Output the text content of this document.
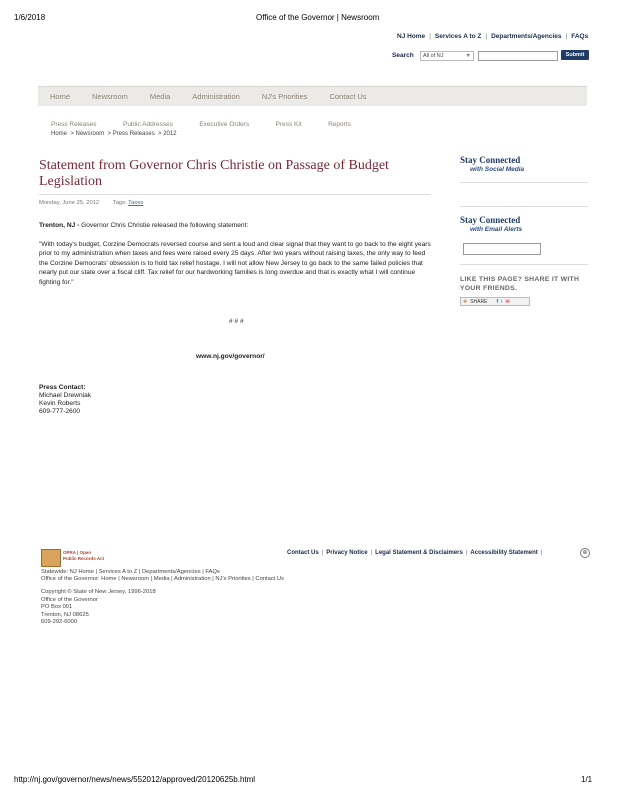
1/6/2018	Office of the Governor | Newsroom
NJ Home | Services A to Z | Departments/Agencies | FAQs
Search	All of NJ	▼	Submit
Home	Newsroom	Media	Administration	NJ's Priorities	Contact Us
Press Releases	Public Addresses	Executive Orders	Press Kit	Reports
Home  > Newsroom  > Press Releases  > 2012
Statement from Governor Chris Christie on Passage of Budget Legislation
Monday, June 25, 2012 Tags: Taxes
Trenton, NJ - Governor Chris Christie released the following statement:
"With today's budget, Corzine Democrats reversed course and sent a loud and clear signal that they want to go back to the eight years prior to my administration when taxes and fees were raised every 25 days. After two years without raising taxes, the only way to feed the Corzine Democrats' obsession is to hold tax relief hostage. I will not allow New Jersey to go back to the same failed policies that nearly put our state over a fiscal cliff. Tax relief for our hardworking families is long overdue and that is exactly what I will continue fighting for."
# # #
www.nj.gov/governor/
Press Contact:
Michael Drewniak
Kevin Roberts
609-777-2600
Stay Connected
with Social Media
Stay Connected
with Email Alerts
LIKE THIS PAGE? SHARE IT WITH YOUR FRIENDS.
✚ SHARE f t ✉
OPRA | Open
Public Records Act
Contact Us | Privacy Notice | Legal Statement & Disclaimers | Accessibility Statement |	⊕
Statewide: NJ Home | Services A to Z | Departments/Agencies | FAQs
Office of the Governor: Home | Newsroom | Media | Administration | NJ's Priorities | Contact Us
Copyright © State of New Jersey, 1996-2018
Office of the Governor
PO Box 001
Trenton, NJ 08625
609-292-6000
http://nj.gov/governor/news/news/552012/approved/20120625b.html	1/1
